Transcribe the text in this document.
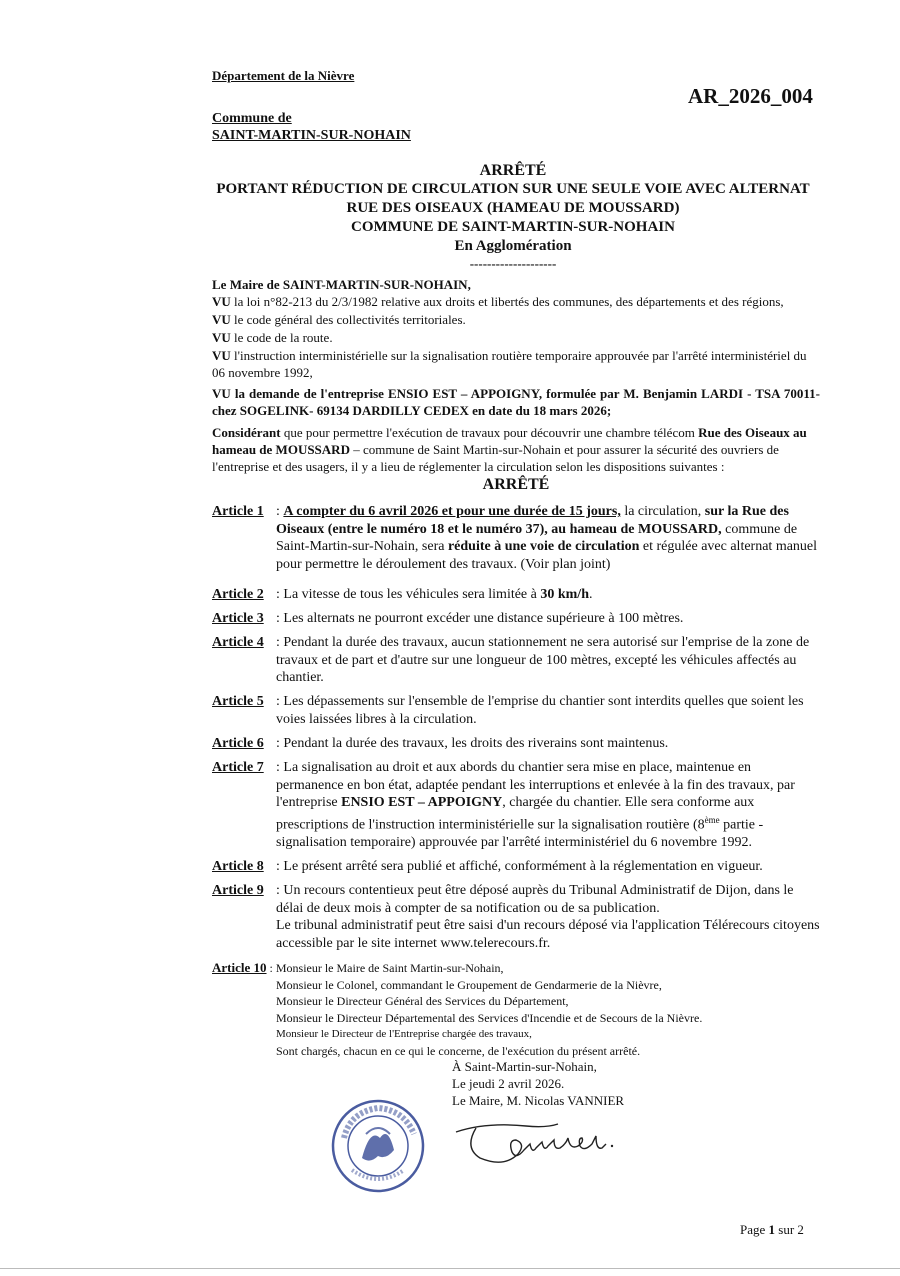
Département de la Nièvre
AR_2026_004
Commune de
SAINT-MARTIN-SUR-NOHAIN
ARRÊTÉ
PORTANT RÉDUCTION DE CIRCULATION SUR UNE SEULE VOIE AVEC ALTERNAT
RUE DES OISEAUX (HAMEAU DE MOUSSARD)
COMMUNE DE SAINT-MARTIN-SUR-NOHAIN
En Agglomération
--------------------
Le Maire de SAINT-MARTIN-SUR-NOHAIN,
VU la loi n°82-213 du 2/3/1982 relative aux droits et libertés des communes, des départements et des régions,
VU le code général des collectivités territoriales.
VU le code de la route.
VU l'instruction interministérielle sur la signalisation routière temporaire approuvée par l'arrêté interministériel du 06 novembre 1992,
VU la demande de l'entreprise ENSIO EST – APPOIGNY, formulée par M. Benjamin LARDI - TSA 70011- chez SOGELINK- 69134 DARDILLY CEDEX en date du 18 mars 2026;
Considérant que pour permettre l'exécution de travaux pour découvrir une chambre télécom Rue des Oiseaux au hameau de MOUSSARD – commune de Saint Martin-sur-Nohain et pour assurer la sécurité des ouvriers de l'entreprise et des usagers, il y a lieu de réglementer la circulation selon les dispositions suivantes :
ARRÊTÉ
Article 1 : A compter du 6 avril 2026 et pour une durée de 15 jours, la circulation, sur la Rue des Oiseaux (entre le numéro 18 et le numéro 37), au hameau de MOUSSARD, commune de Saint-Martin-sur-Nohain, sera réduite à une voie de circulation et régulée avec alternat manuel pour permettre le déroulement des travaux. (Voir plan joint)
Article 2 : La vitesse de tous les véhicules sera limitée à 30 km/h.
Article 3 : Les alternats ne pourront excéder une distance supérieure à 100 mètres.
Article 4 : Pendant la durée des travaux, aucun stationnement ne sera autorisé sur l'emprise de la zone de travaux et de part et d'autre sur une longueur de 100 mètres, excepté les véhicules affectés au chantier.
Article 5 : Les dépassements sur l'ensemble de l'emprise du chantier sont interdits quelles que soient les voies laissées libres à la circulation.
Article 6 : Pendant la durée des travaux, les droits des riverains sont maintenus.
Article 7 : La signalisation au droit et aux abords du chantier sera mise en place, maintenue en permanence en bon état, adaptée pendant les interruptions et enlevée à la fin des travaux, par l'entreprise ENSIO EST – APPOIGNY, chargée du chantier. Elle sera conforme aux prescriptions de l'instruction interministérielle sur la signalisation routière (8ème partie - signalisation temporaire) approuvée par l'arrêté interministériel du 6 novembre 1992.
Article 8 : Le présent arrêté sera publié et affiché, conformément à la réglementation en vigueur.
Article 9 : Un recours contentieux peut être déposé auprès du Tribunal Administratif de Dijon, dans le délai de deux mois à compter de sa notification ou de sa publication.
Le tribunal administratif peut être saisi d'un recours déposé via l'application Télérecours citoyens accessible par le site internet www.telerecours.fr.
Article 10 : Monsieur le Maire de Saint Martin-sur-Nohain,
Monsieur le Colonel, commandant le Groupement de Gendarmerie de la Nièvre,
Monsieur le Directeur Général des Services du Département,
Monsieur le Directeur Départemental des Services d'Incendie et de Secours de la Nièvre.
Monsieur le Directeur de l'Entreprise chargée des travaux,
Sont chargés, chacun en ce qui le concerne, de l'exécution du présent arrêté.
À Saint-Martin-sur-Nohain,
Le jeudi 2 avril 2026.
Le Maire, M. Nicolas VANNIER
Page 1 sur 2
